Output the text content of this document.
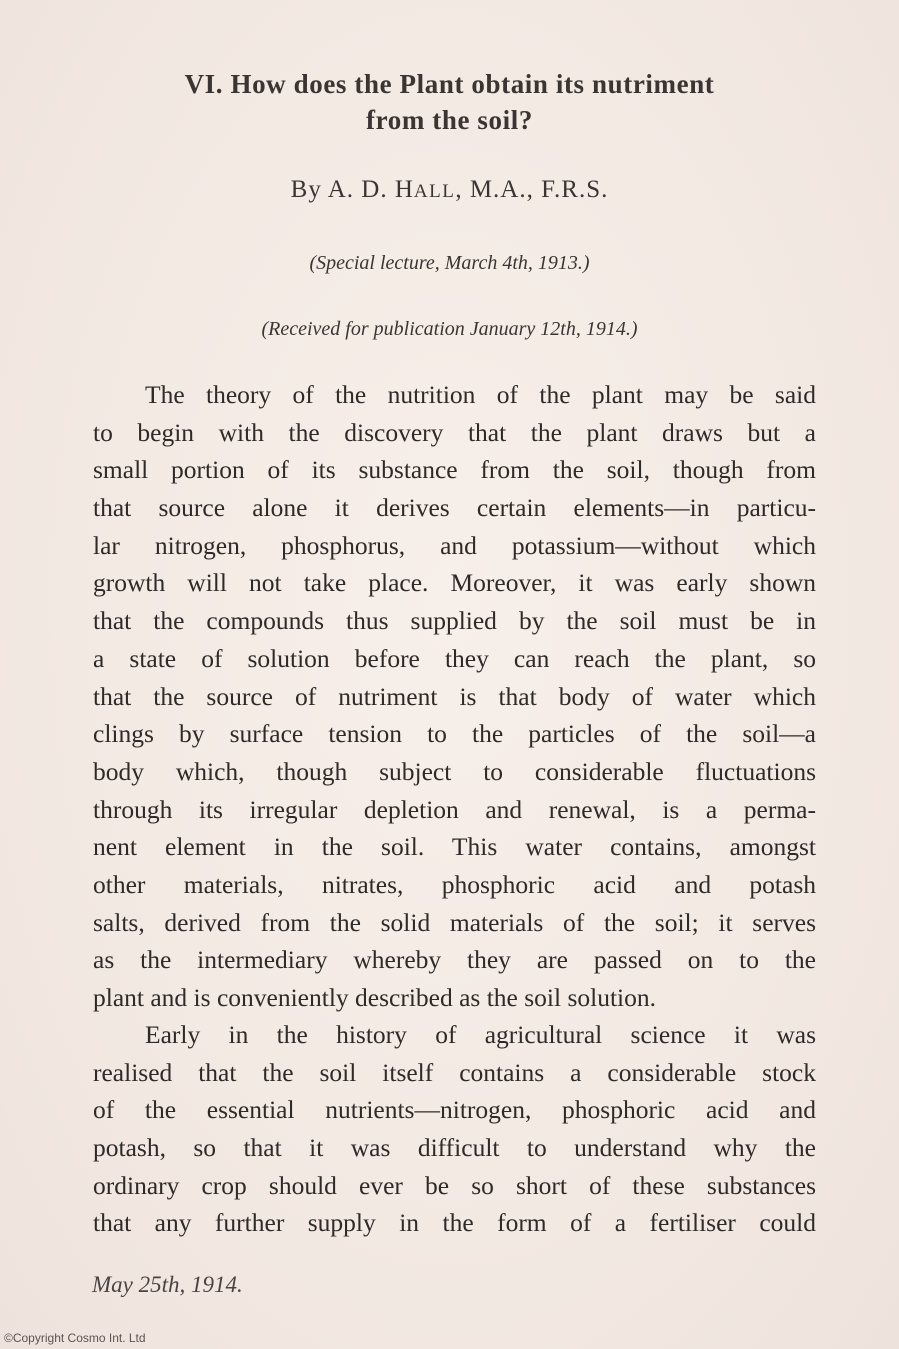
VI. How does the Plant obtain its nutriment
from the soil?
By A. D. HALL, M.A., F.R.S.
(Special lecture, March 4th, 1913.)
(Received for publication January 12th, 1914.)
The theory of the nutrition of the plant may be said
to begin with the discovery that the plant draws but a
small portion of its substance from the soil, though from
that source alone it derives certain elements—in particu-
lar nitrogen, phosphorus, and potassium—without which
growth will not take place. Moreover, it was early shown
that the compounds thus supplied by the soil must be in
a state of solution before they can reach the plant, so
that the source of nutriment is that body of water which
clings by surface tension to the particles of the soil—a
body which, though subject to considerable fluctuations
through its irregular depletion and renewal, is a perma-
nent element in the soil. This water contains, amongst
other materials, nitrates, phosphoric acid and potash
salts, derived from the solid materials of the soil; it serves
as the intermediary whereby they are passed on to the
plant and is conveniently described as the soil solution.
Early in the history of agricultural science it was
realised that the soil itself contains a considerable stock
of the essential nutrients—nitrogen, phosphoric acid and
potash, so that it was difficult to understand why the
ordinary crop should ever be so short of these substances
that any further supply in the form of a fertiliser could
May 25th, 1914.
©Copyright Cosmo Int. Ltd
